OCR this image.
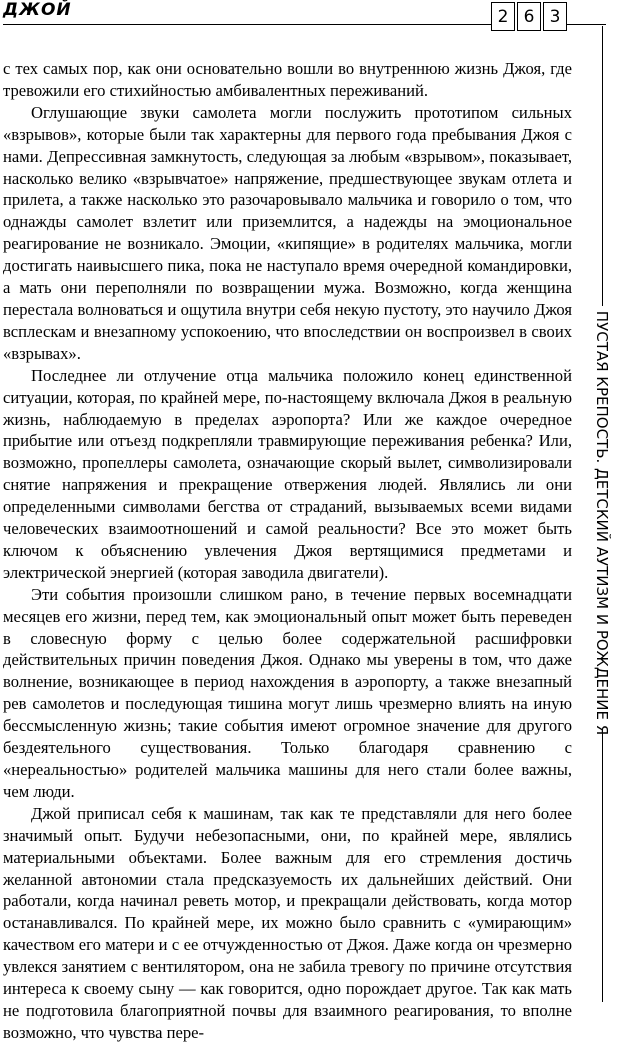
ДЖОЙ	2 6 3
ПУСТАЯ КРЕПОСТЬ. ДЕТСКИЙ АУТИЗМ И РОЖДЕНИЕ Я

с тех самых пор, как они основательно вошли во внутреннюю жизнь Джоя, где тревожили его стихийностью амбивалентных переживаний.

Оглушающие звуки самолета могли послужить прототипом сильных «взрывов», которые были так характерны для первого года пребывания Джоя с нами. Депрессивная замкнутость, следующая за любым «взрывом», показывает, насколько велико «взрывчатое» напряжение, предшествующее звукам отлета и прилета, а также насколько это разочаровывало мальчика и говорило о том, что однажды самолет взлетит или приземлится, а надежды на эмоциональное реагирование не возникало. Эмоции, «кипящие» в родителях мальчика, могли достигать наивысшего пика, пока не наступало время очередной командировки, а мать они переполняли по возвращении мужа. Возможно, когда женщина перестала волноваться и ощутила внутри себя некую пустоту, это научило Джоя всплескам и внезапному успокоению, что впоследствии он воспроизвел в своих «взрывах».

Последнее ли отлучение отца мальчика положило конец единственной ситуации, которая, по крайней мере, по-настоящему включала Джоя в реальную жизнь, наблюдаемую в пределах аэропорта? Или же каждое очередное прибытие или отъезд подкрепляли травмирующие переживания ребенка? Или, возможно, пропеллеры самолета, означающие скорый вылет, символизировали снятие напряжения и прекращение отвержения людей. Являлись ли они определенными символами бегства от страданий, вызываемых всеми видами человеческих взаимоотношений и самой реальности? Все это может быть ключом к объяснению увлечения Джоя вертящимися предметами и электрической энергией (которая заводила двигатели).

Эти события произошли слишком рано, в течение первых восемнадцати месяцев его жизни, перед тем, как эмоциональный опыт может быть переведен в словесную форму с целью более содержательной расшифровки действительных причин поведения Джоя. Однако мы уверены в том, что даже волнение, возникающее в период нахождения в аэропорту, а также внезапный рев самолетов и последующая тишина могут лишь чрезмерно влиять на иную бессмысленную жизнь; такие события имеют огромное значение для другого бездеятельного существования. Только благодаря сравнению с «нереальностью» родителей мальчика машины для него стали более важны, чем люди.

Джой приписал себя к машинам, так как те представляли для него более значимый опыт. Будучи небезопасными, они, по крайней мере, являлись материальными объектами. Более важным для его стремления достичь желанной автономии стала предсказуемость их дальнейших действий. Они работали, когда начинал реветь мотор, и прекращали действовать, когда мотор останавливался. По крайней мере, их можно было сравнить с «умирающим» качеством его матери и с ее отчужденностью от Джоя. Даже когда он чрезмерно увлекся занятием с вентилятором, она не забила тревогу по причине отсутствия интереса к своему сыну — как говорится, одно порождает другое. Так как мать не подготовила благоприятной почвы для взаимного реагирования, то вполне возможно, что чувства пере-
